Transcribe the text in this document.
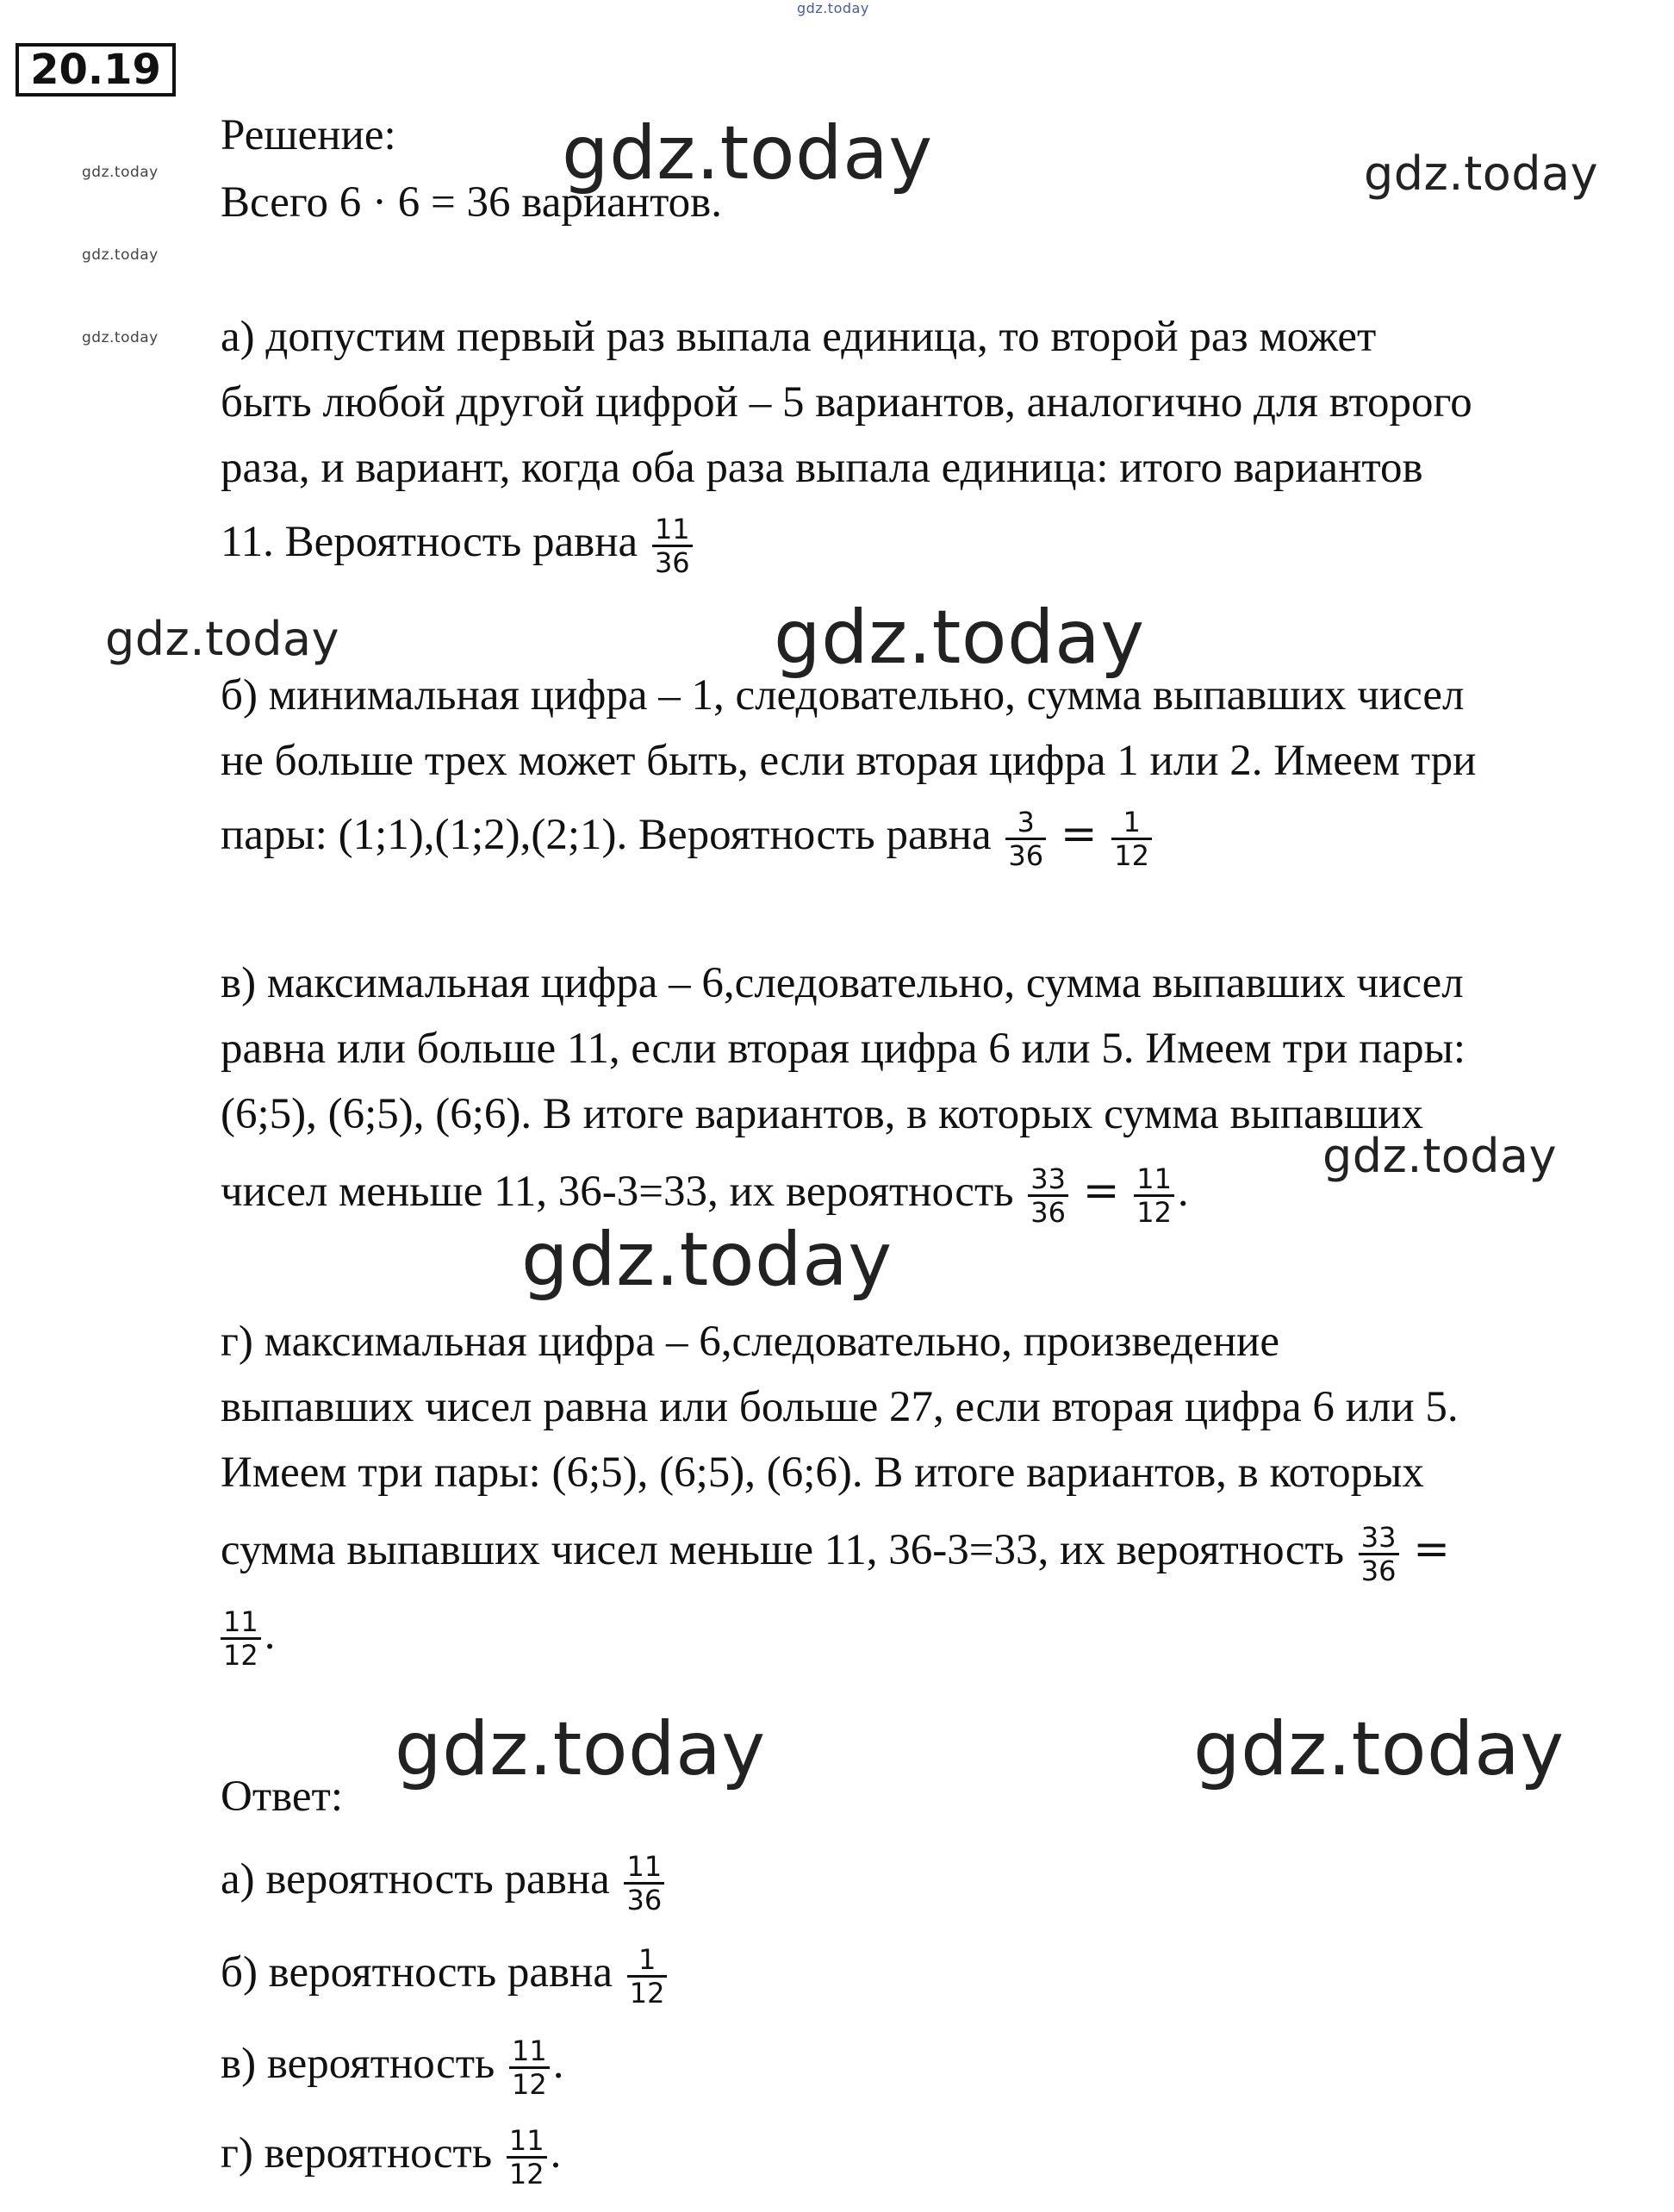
gdz.today
gdz.today
gdz.today
gdz.today
gdz.today	gdz.today
gdz.today	gdz.today
gdz.today
gdz.today
gdz.today	gdz.today
20.19
Решение:
Всего 6 · 6 = 36 вариантов.
а) допустим первый раз выпала единица, то второй раз может
быть любой другой цифрой – 5 вариантов, аналогично для второго
раза, и вариант, когда оба раза выпала единица: итого вариантов
11. Вероятность равна $\frac{11}{36}$
б) минимальная цифра – 1, следовательно, сумма выпавших чисел
не больше трех может быть, если вторая цифра 1 или 2. Имеем три
пары: (1;1),(1;2),(2;1). Вероятность равна $\frac{3}{36} = \frac{1}{12}$
в) максимальная цифра – 6,следовательно, сумма выпавших чисел
равна или больше 11, если вторая цифра 6 или 5. Имеем три пары:
(6;5), (6;5), (6;6). В итоге вариантов, в которых сумма выпавших
чисел меньше 11, 36-3=33, их вероятность $\frac{33}{36} = \frac{11}{12}$ .
г) максимальная цифра – 6,следовательно, произведение
выпавших чисел равна или больше 27, если вторая цифра 6 или 5.
Имеем три пары: (6;5), (6;5), (6;6). В итоге вариантов, в которых
сумма выпавших чисел меньше 11, 36-3=33, их вероятность $\frac{33}{36}$ =
$\frac{11}{12}$ .
Ответ:
а) вероятность равна $\frac{11}{36}$
б) вероятность равна $\frac{1}{12}$
в) вероятность $\frac{11}{12}$ .
г) вероятность $\frac{11}{12}$ .
